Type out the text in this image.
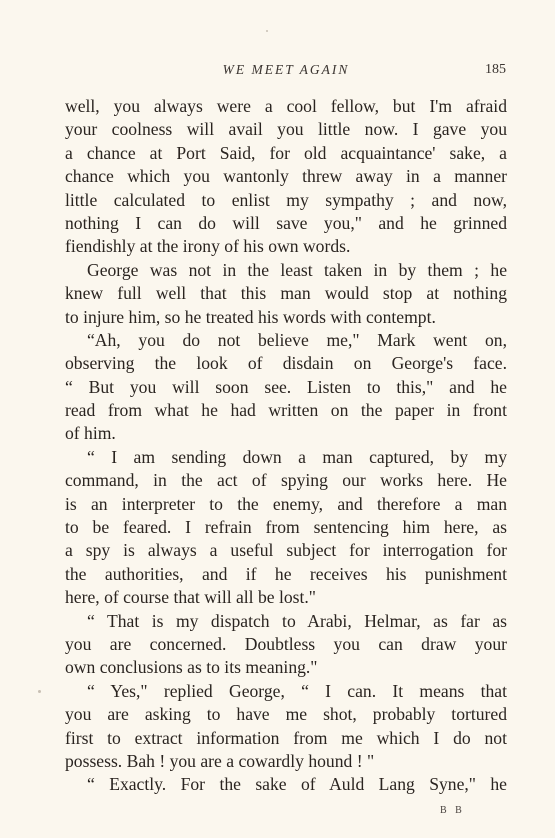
WE MEET AGAIN	185
well, you always were a cool fellow, but I'm afraid
your coolness will avail you little now. I gave you
a chance at Port Said, for old acquaintance' sake, a
chance which you wantonly threw away in a manner
little calculated to enlist my sympathy ; and now,
nothing I can do will save you," and he grinned
fiendishly at the irony of his own words.
George was not in the least taken in by them ; he
knew full well that this man would stop at nothing
to injure him, so he treated his words with contempt.
“Ah, you do not believe me," Mark went on,
observing the look of disdain on George's face.
“ But you will soon see. Listen to this," and he
read from what he had written on the paper in front
of him.
“ I am sending down a man captured, by my
command, in the act of spying our works here. He
is an interpreter to the enemy, and therefore a man
to be feared. I refrain from sentencing him here, as
a spy is always a useful subject for interrogation for
the authorities, and if he receives his punishment
here, of course that will all be lost."
“ That is my dispatch to Arabi, Helmar, as far as
you are concerned. Doubtless you can draw your
own conclusions as to its meaning."
“ Yes," replied George, “ I can. It means that
you are asking to have me shot, probably tortured
first to extract information from me which I do not
possess. Bah ! you are a cowardly hound ! "
“ Exactly. For the sake of Auld Lang Syne," he
B B
